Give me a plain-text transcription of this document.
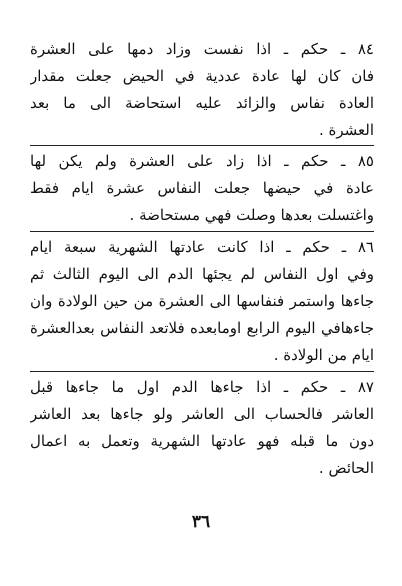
٨٤ ـ حكم ـ اذا نفست وزاد دمها على العشرة
فان كان لها عادة عددية في الحيض جعلت مقدار
العادة نفاس والزائد عليه استحاضة الى ما بعد
العشرة .
٨٥ ـ حكم ـ اذا زاد على العشرة ولم يكن لها
عادة في حيضها جعلت النفاس عشرة ايام فقط
واغتسلت بعدها وصلت فهي مستحاضة .
٨٦ ـ حكم ـ اذا كانت عادتها الشهرية سبعة ايام
وفي اول النفاس لم يجئها الدم الى اليوم الثالث ثم
جاءها واستمر فنفاسها الى العشرة من حين الولادة وان
جاءهافي اليوم الرابع اومابعده فلاتعد النفاس بعدالعشرة
ايام من الولادة .
٨٧ ـ حكم ـ اذا جاءها الدم اول ما جاءها قبل
العاشر فالحساب الى العاشر ولو جاءها بعد العاشر
دون ما قبله فهو عادتها الشهرية وتعمل به اعمال
الحائض .
٣٦
